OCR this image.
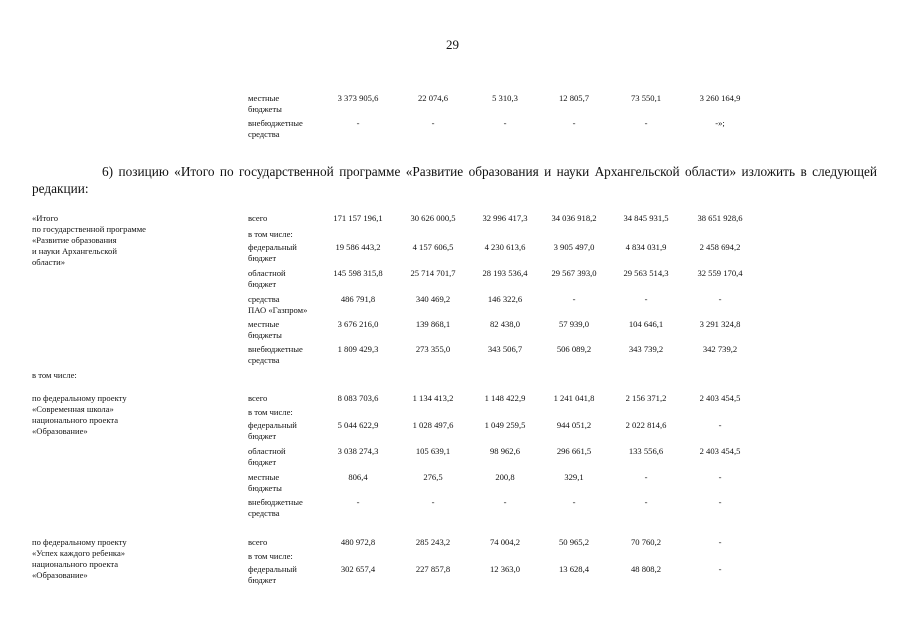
29
местные
бюджеты
3 373 905,6	22 074,6	5 310,3	12 805,7	73 550,1	3 260 164,9
внебюджетные
средства
-	-	-	-	-	-»;
«Итого
по государственной программе
«Развитие образования
и науки Архангельской
области»
всего	171 157 196,1	30 626 000,5	32 996 417,3	34 036 918,2	34 845 931,5	38 651 928,6
в том числе:
федеральный
бюджет
19 586 443,2	4 157 606,5	4 230 613,6	3 905 497,0	4 834 031,9	2 458 694,2
областной
бюджет
145 598 315,8	25 714 701,7	28 193 536,4	29 567 393,0	29 563 514,3	32 559 170,4
средства
ПАО «Газпром»
486 791,8	340 469,2	146 322,6	-	-	-
местные
бюджеты
3 676 216,0	139 868,1	82 438,0	57 939,0	104 646,1	3 291 324,8
внебюджетные
средства
1 809 429,3	273 355,0	343 506,7	506 089,2	343 739,2	342 739,2
по федеральному проекту
«Современная школа»
национального проекта
«Образование»
всего	8 083 703,6	1 134 413,2	1 148 422,9	1 241 041,8	2 156 371,2	2 403 454,5
в том числе:
федеральный
бюджет
5 044 622,9	1 028 497,6	1 049 259,5	944 051,2	2 022 814,6	-
областной
бюджет
3 038 274,3	105 639,1	98 962,6	296 661,5	133 556,6	2 403 454,5
местные
бюджеты
806,4	276,5	200,8	329,1	-	-
внебюджетные
средства
-	-	-	-	-	-
по федеральному проекту
«Успех каждого ребенка»
национального проекта
«Образование»
всего	480 972,8	285 243,2	74 004,2	50 965,2	70 760,2	-
в том числе:
федеральный
бюджет
302 657,4	227 857,8	12 363,0	13 628,4	48 808,2	-
6) позицию «Итого по государственной программе «Развитие образования и науки Архангельской области» изложить в следующей редакции:
в том числе:
